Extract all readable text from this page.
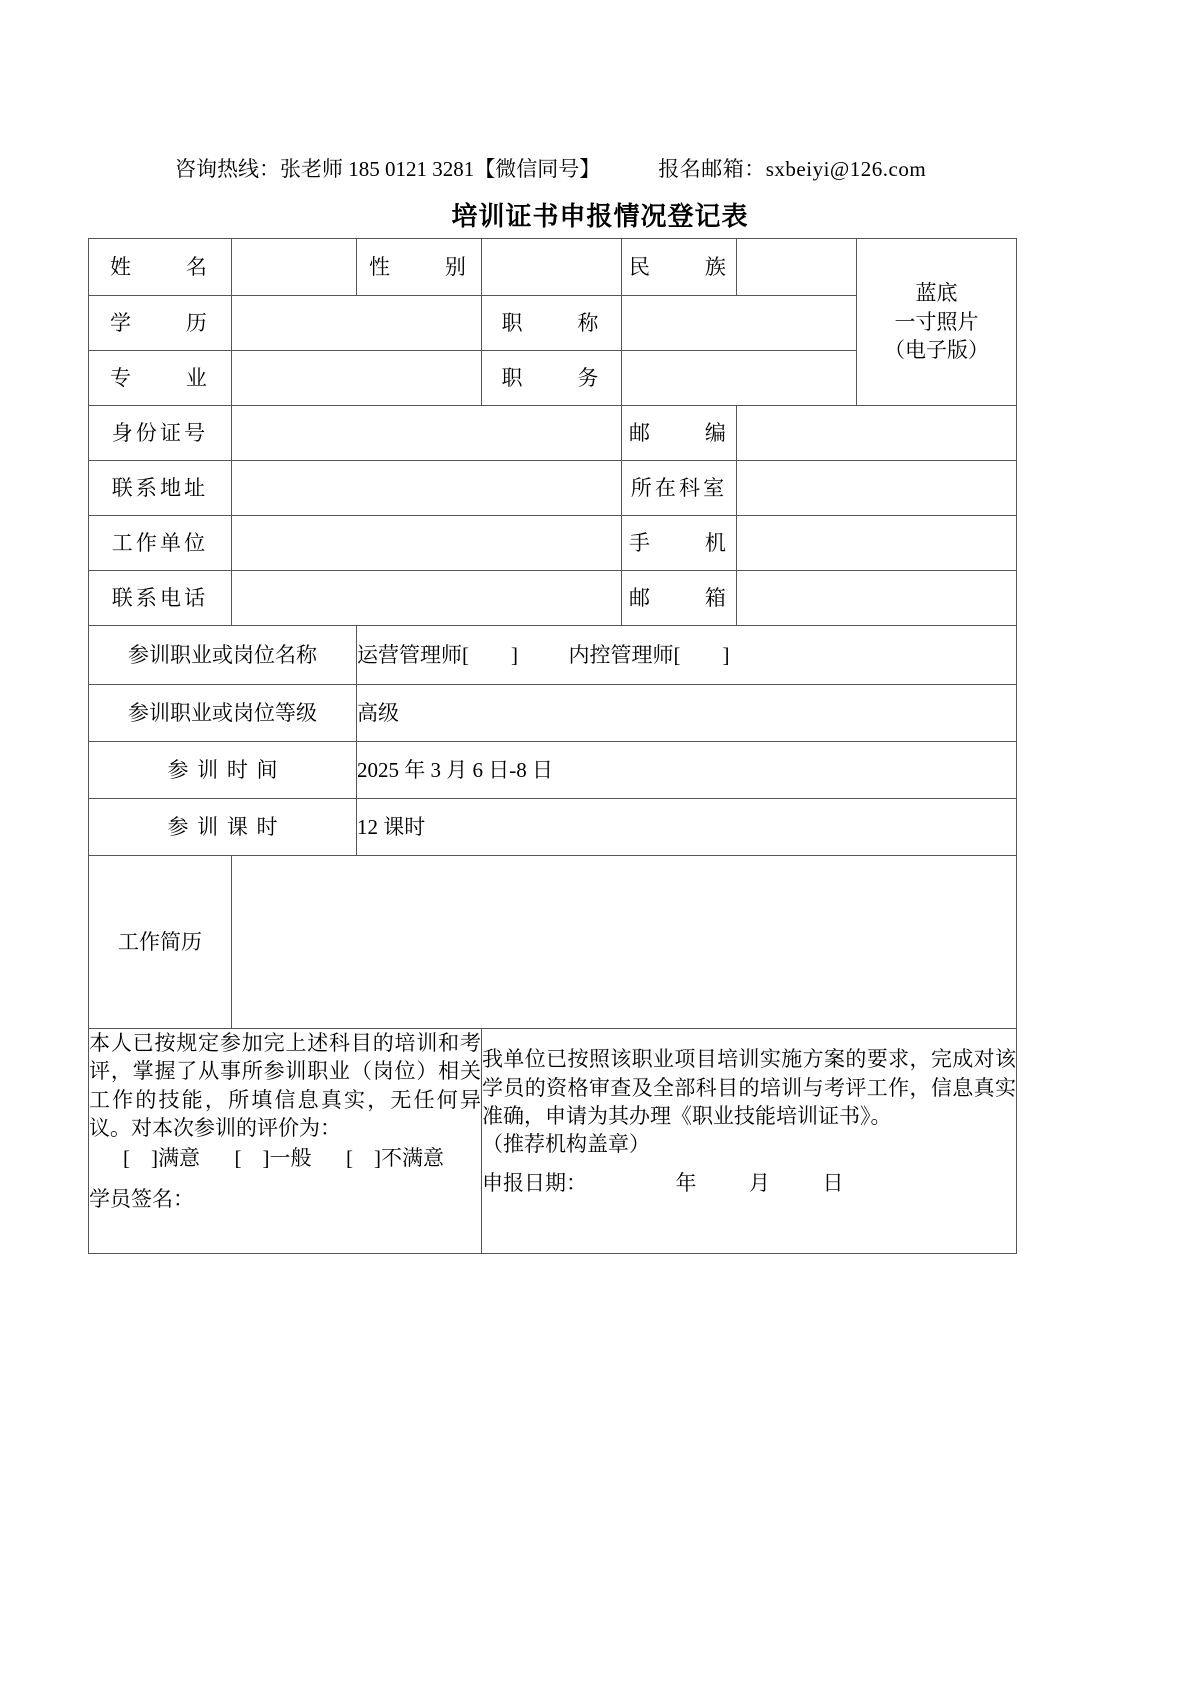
咨询热线：张老师 185 0121 3281【微信同号】	报名邮箱：sxbeiyi@126.com
培训证书申报情况登记表
姓　　名		性　　别		民　　族		蓝底
一寸照片
（电子版）

学　　历			职　　称			
专　　业			职　　务			
身份证号				邮　　编		
联系地址				所在科室		
工作单位				手　　机		
联系电话				邮　　箱		
参训职业或岗位名称		运营管理师[　　] 内控管理师[　　]				
参训职业或岗位等级		高级				
参训时间		2025 年 3 月 6 日-8 日				
参训课时		12 课时				
工作简历						

本人已按规定参加完上述科目的培训和考评，掌握了从事所参训职业（岗位）相关工作的技能，所填信息真实，无任何异议。对本次参训的评价为：

[　]满意 [　]一般 [　]不满意
学员签名：

我单位已按照该职业项目培训实施方案的要求，完成对该学员的资格审查及全部科目的培训与考评工作，信息真实准确，申请为其办理《职业技能培训证书》。

（推荐机构盖章）
申报日期：	年	月	日
